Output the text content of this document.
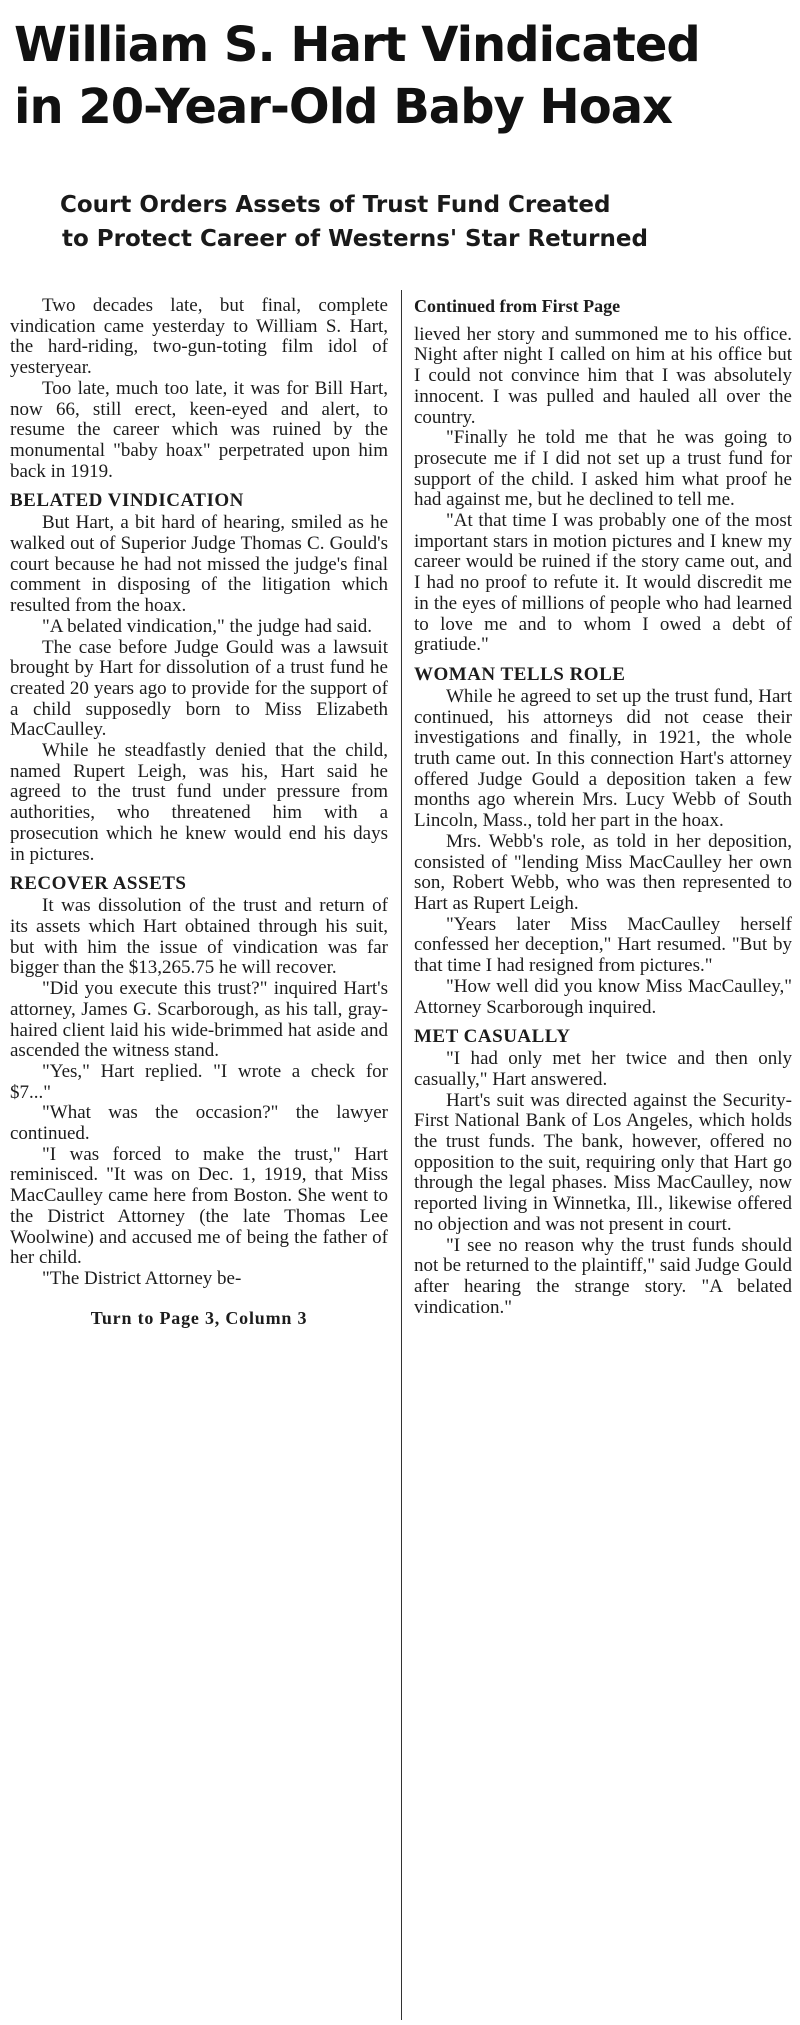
William S. Hart Vindicated
in 20-Year-Old Baby Hoax
Court Orders Assets of Trust Fund Created
to Protect Career of Westerns' Star Returned

Two decades late, but final, complete vindication came yesterday to William S. Hart, the hard-riding, two-gun-toting film idol of yesteryear.

Too late, much too late, it was for Bill Hart, now 66, still erect, keen-eyed and alert, to resume the career which was ruined by the monumental "baby hoax" perpetrated upon him back in 1919.

BELATED VINDICATION

But Hart, a bit hard of hearing, smiled as he walked out of Superior Judge Thomas C. Gould's court because he had not missed the judge's final comment in disposing of the litigation which resulted from the hoax.

"A belated vindication," the judge had said.

The case before Judge Gould was a lawsuit brought by Hart for dissolution of a trust fund he created 20 years ago to provide for the support of a child supposedly born to Miss Elizabeth MacCaulley.

While he steadfastly denied that the child, named Rupert Leigh, was his, Hart said he agreed to the trust fund under pressure from authorities, who threatened him with a prosecution which he knew would end his days in pictures.

RECOVER ASSETS

It was dissolution of the trust and return of its assets which Hart obtained through his suit, but with him the issue of vindication was far bigger than the $13,265.75 he will recover.

"Did you execute this trust?" inquired Hart's attorney, James G. Scarborough, as his tall, gray-haired client laid his wide-brimmed hat aside and ascended the witness stand.

"Yes," Hart replied. "I wrote a check for $7..."

"What was the occasion?" the lawyer continued.

"I was forced to make the trust," Hart reminisced. "It was on Dec. 1, 1919, that Miss MacCaulley came here from Boston. She went to the District Attorney (the late Thomas Lee Woolwine) and accused me of being the father of her child.

"The District Attorney be-

Turn to Page 3, Column 3

Continued from First Page

lieved her story and summoned me to his office. Night after night I called on him at his office but I could not convince him that I was absolutely innocent. I was pulled and hauled all over the country.

"Finally he told me that he was going to prosecute me if I did not set up a trust fund for support of the child. I asked him what proof he had against me, but he declined to tell me.

"At that time I was probably one of the most important stars in motion pictures and I knew my career would be ruined if the story came out, and I had no proof to refute it. It would discredit me in the eyes of millions of people who had learned to love me and to whom I owed a debt of gratiude."

WOMAN TELLS ROLE

While he agreed to set up the trust fund, Hart continued, his attorneys did not cease their investigations and finally, in 1921, the whole truth came out. In this connection Hart's attorney offered Judge Gould a deposition taken a few months ago wherein Mrs. Lucy Webb of South Lincoln, Mass., told her part in the hoax.

Mrs. Webb's role, as told in her deposition, consisted of "lending Miss MacCaulley her own son, Robert Webb, who was then represented to Hart as Rupert Leigh.

"Years later Miss MacCaulley herself confessed her deception," Hart resumed. "But by that time I had resigned from pictures."

"How well did you know Miss MacCaulley," Attorney Scarborough inquired.

MET CASUALLY

"I had only met her twice and then only casually," Hart answered.

Hart's suit was directed against the Security-First National Bank of Los Angeles, which holds the trust funds. The bank, however, offered no opposition to the suit, requiring only that Hart go through the legal phases. Miss MacCaulley, now reported living in Winnetka, Ill., likewise offered no objection and was not present in court.

"I see no reason why the trust funds should not be returned to the plaintiff," said Judge Gould after hearing the strange story. "A belated vindication."
